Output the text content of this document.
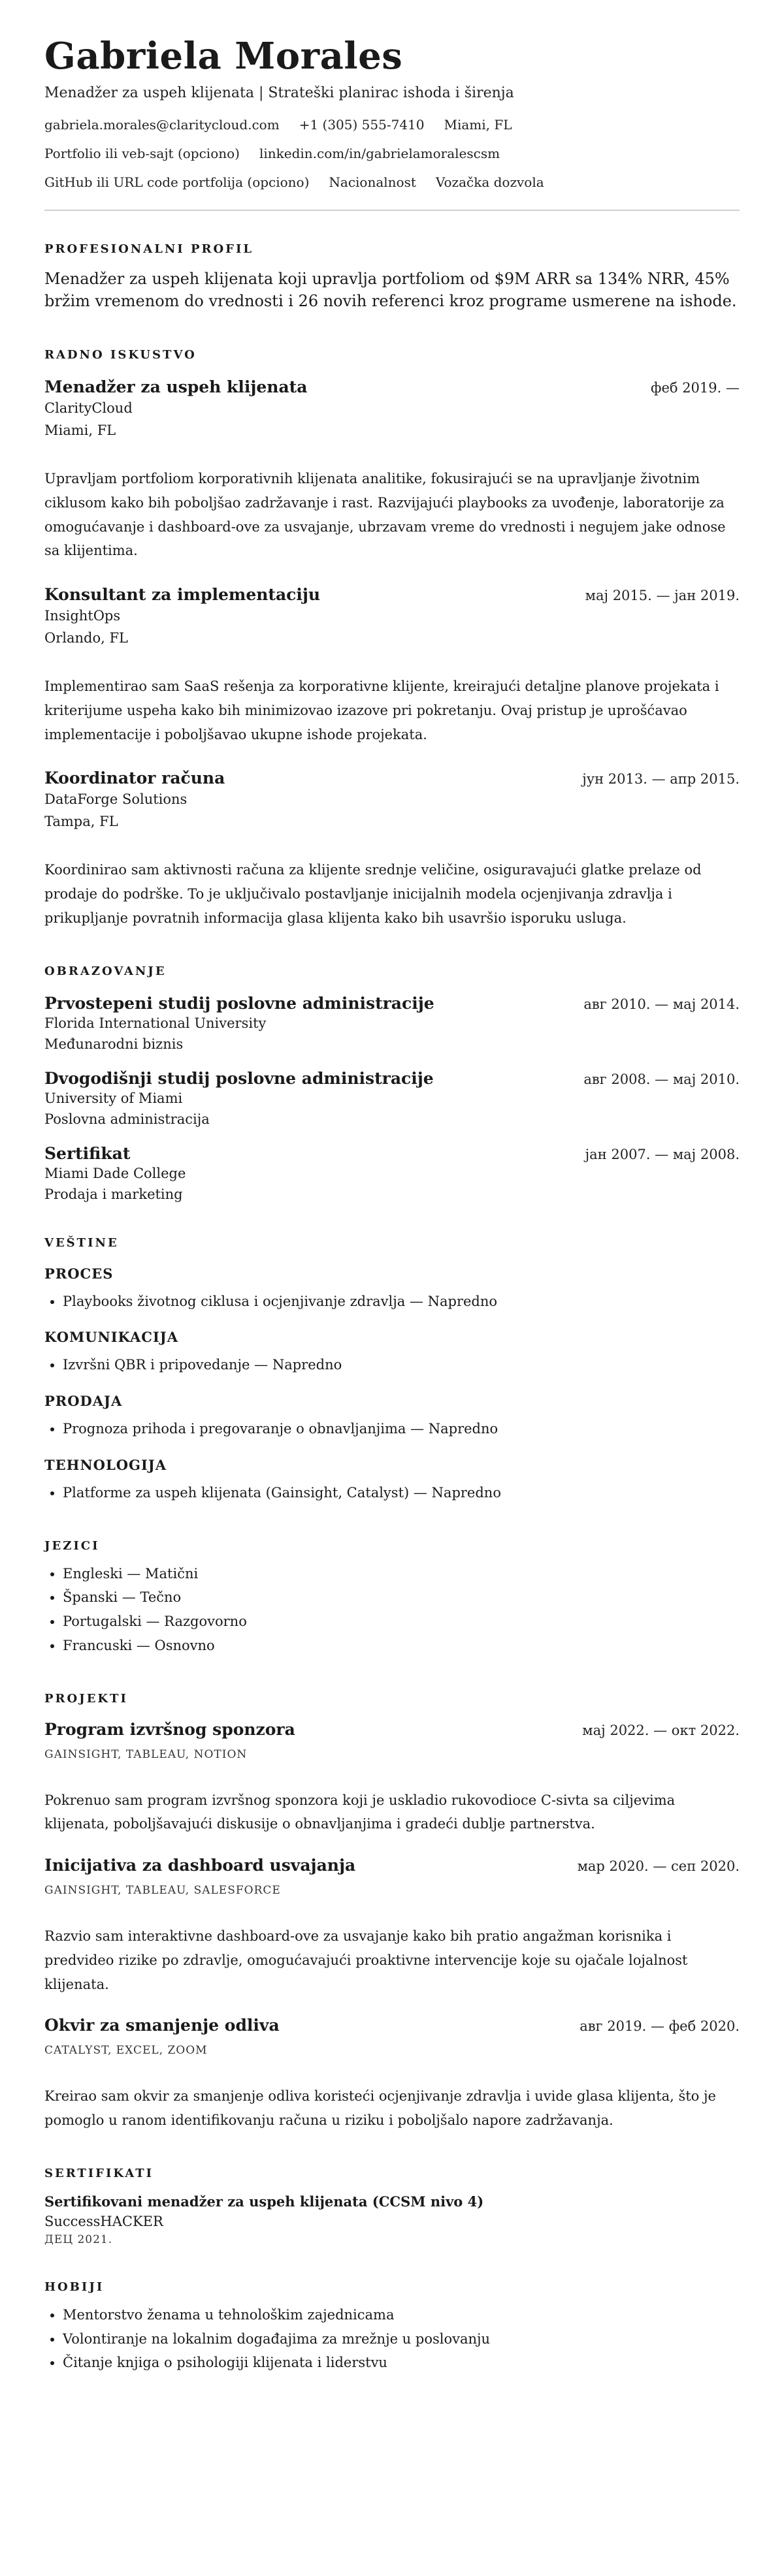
Gabriela Morales
Menadžer za uspeh klijenata | Strateški planirac ishoda i širenja
gabriela.morales@claritycloud.com +1 (305) 555-7410 Miami, FL
Portfolio ili veb-sajt (opciono) linkedin.com/in/gabrielamoralescsm
GitHub ili URL code portfolija (opciono) Nacionalnost Vozačka dozvola
PROFESIONALNI PROFIL

Menadžer za uspeh klijenata koji upravlja portfoliom od $9M ARR sa 134% NRR, 45% bržim vremenom do vrednosti i 26 novih referenci kroz programe usmerene na ishode.

RADNO ISKUSTVO
Menadžer za uspeh klijenata	феб 2019. —
ClarityCloud
Miami, FL
Upravljam portfoliom korporativnih klijenata analitike, fokusirajući se na upravljanje životnim ciklusom kako bih poboljšao zadržavanje i rast. Razvijajući playbooks za uvođenje, laboratorije za omogućavanje i dashboard-ove za usvajanje, ubrzavam vreme do vrednosti i negujem jake odnose sa klijentima.
Konsultant za implementaciju	мај 2015. — јан 2019.
InsightOps
Orlando, FL
Implementirao sam SaaS rešenja za korporativne klijente, kreirajući detaljne planove projekata i kriterijume uspeha kako bih minimizovao izazove pri pokretanju. Ovaj pristup je uprošćavao implementacije i poboljšavao ukupne ishode projekata.
Koordinator računa	јун 2013. — апр 2015.
DataForge Solutions
Tampa, FL
Koordinirao sam aktivnosti računa za klijente srednje veličine, osiguravajući glatke prelaze od prodaje do podrške. To je uključivalo postavljanje inicijalnih modela ocjenjivanja zdravlja i prikupljanje povratnih informacija glasa klijenta kako bih usavršio isporuku usluga.
OBRAZOVANJE
Prvostepeni studij poslovne administracije	авг 2010. — мај 2014.
Florida International University
Međunarodni biznis
Dvogodišnji studij poslovne administracije	авг 2008. — мај 2010.
University of Miami
Poslovna administracija
Sertifikat	јан 2007. — мај 2008.
Miami Dade College
Prodaja i marketing
VEŠTINE
PROCES
• Playbooks životnog ciklusa i ocjenjivanje zdravlja — Napredno
KOMUNIKACIJA
• Izvršni QBR i pripovedanje — Napredno
PRODAJA
• Prognoza prihoda i pregovaranje o obnavljanjima — Napredno
TEHNOLOGIJA
• Platforme za uspeh klijenata (Gainsight, Catalyst) — Napredno
JEZICI
• Engleski — Matični
• Španski — Tečno
• Portugalski — Razgovorno
• Francuski — Osnovno
PROJEKTI
Program izvršnog sponzora	мај 2022. — окт 2022.
GAINSIGHT, TABLEAU, NOTION
Pokrenuo sam program izvršnog sponzora koji je uskladio rukovodioce C-sivta sa ciljevima klijenata, poboljšavajući diskusije o obnavljanjima i gradeći dublje partnerstva.
Inicijativa za dashboard usvajanja	мар 2020. — сеп 2020.
GAINSIGHT, TABLEAU, SALESFORCE
Razvio sam interaktivne dashboard-ove za usvajanje kako bih pratio angažman korisnika i predvideo rizike po zdravlje, omogućavajući proaktivne intervencije koje su ojačale lojalnost klijenata.
Okvir za smanjenje odliva	авг 2019. — феб 2020.
CATALYST, EXCEL, ZOOM
Kreirao sam okvir za smanjenje odliva koristeći ocjenjivanje zdravlja i uvide glasa klijenta, što je pomoglo u ranom identifikovanju računa u riziku i poboljšalo napore zadržavanja.
SERTIFIKATI
Sertifikovani menadžer za uspeh klijenata (CCSM nivo 4)
SuccessHACKER
ДЕЦ 2021.
HOBIJI
• Mentorstvo ženama u tehnološkim zajednicama
• Volontiranje na lokalnim događajima za mrežnje u poslovanju
• Čitanje knjiga o psihologiji klijenata i liderstvu
